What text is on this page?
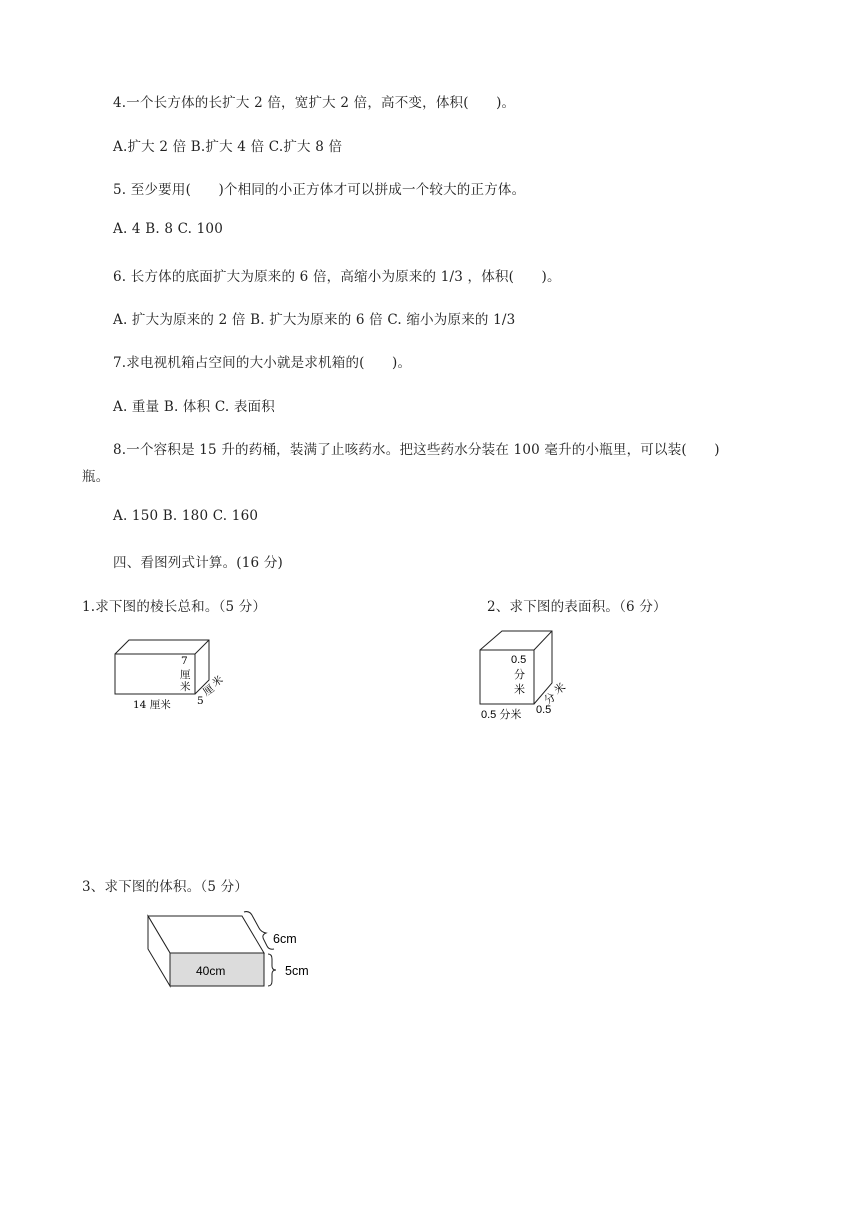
4.一个长方体的长扩大 2 倍，宽扩大 2 倍，高不变，体积(　　)。
A.扩大 2 倍 B.扩大 4 倍 C.扩大 8 倍
5. 至少要用(　　)个相同的小正方体才可以拼成一个较大的正方体。
A. 4 B. 8 C. 100
6. 长方体的底面扩大为原来的 6 倍，高缩小为原来的 1/3 ，体积(　　)。
A. 扩大为原来的 2 倍 B. 扩大为原来的 6 倍 C. 缩小为原来的 1/3
7.求电视机箱占空间的大小就是求机箱的(　　)。
A. 重量 B. 体积 C. 表面积
8.一个容积是 15 升的药桶，装满了止咳药水。把这些药水分装在 100 毫升的小瓶里，可以装(　　)
瓶。
A. 150 B. 180 C. 160
四、看图列式计算。(16 分)
1.求下图的棱长总和。（5 分）
7
厘
米
14 厘米	5
厘
米
2、求下图的表面积。（6 分）
0.5
分
米
0.5 分米 0.5
分
米
3、求下图的体积。（5 分）
40cm
6cm
5cm
